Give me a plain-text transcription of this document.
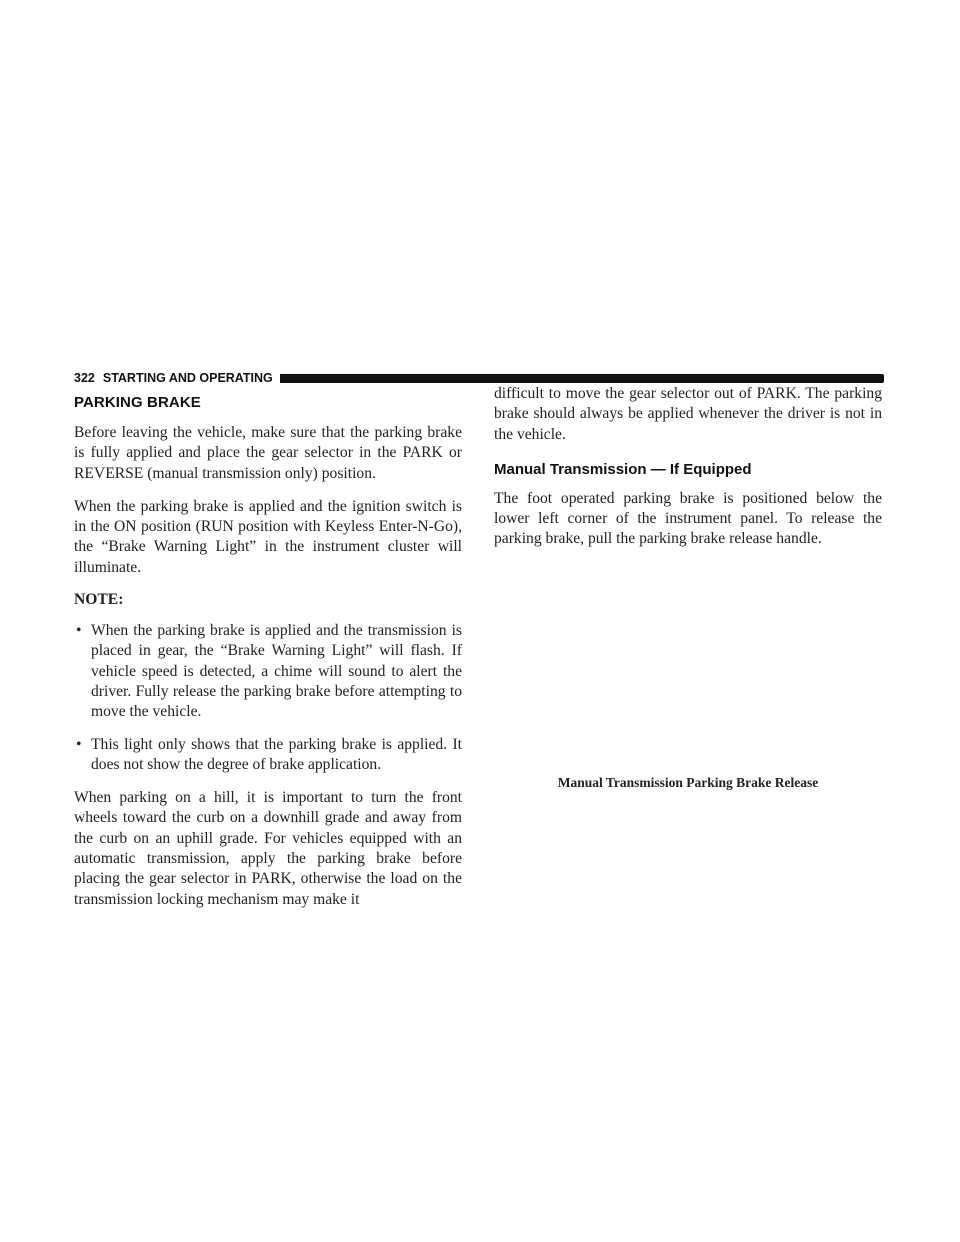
322 STARTING AND OPERATING
PARKING BRAKE

Before leaving the vehicle, make sure that the parking brake is fully applied and place the gear selector in the PARK or REVERSE (manual transmission only) position.

When the parking brake is applied and the ignition switch is in the ON position (RUN position with Keyless Enter-N-Go), the “Brake Warning Light” in the instrument cluster will illuminate.

NOTE:
• When the parking brake is applied and the transmission is placed in gear, the “Brake Warning Light” will flash. If vehicle speed is detected, a chime will sound to alert the driver. Fully release the parking brake before attempting to move the vehicle.
• This light only shows that the parking brake is applied. It does not show the degree of brake application.

When parking on a hill, it is important to turn the front wheels toward the curb on a downhill grade and away from the curb on an uphill grade. For vehicles equipped with an automatic transmission, apply the parking brake before placing the gear selector in PARK, otherwise the load on the transmission locking mechanism may make it

difficult to move the gear selector out of PARK. The parking brake should always be applied whenever the driver is not in the vehicle.

Manual Transmission — If Equipped

The foot operated parking brake is positioned below the lower left corner of the instrument panel. To release the parking brake, pull the parking brake release handle.

Manual Transmission Parking Brake Release
